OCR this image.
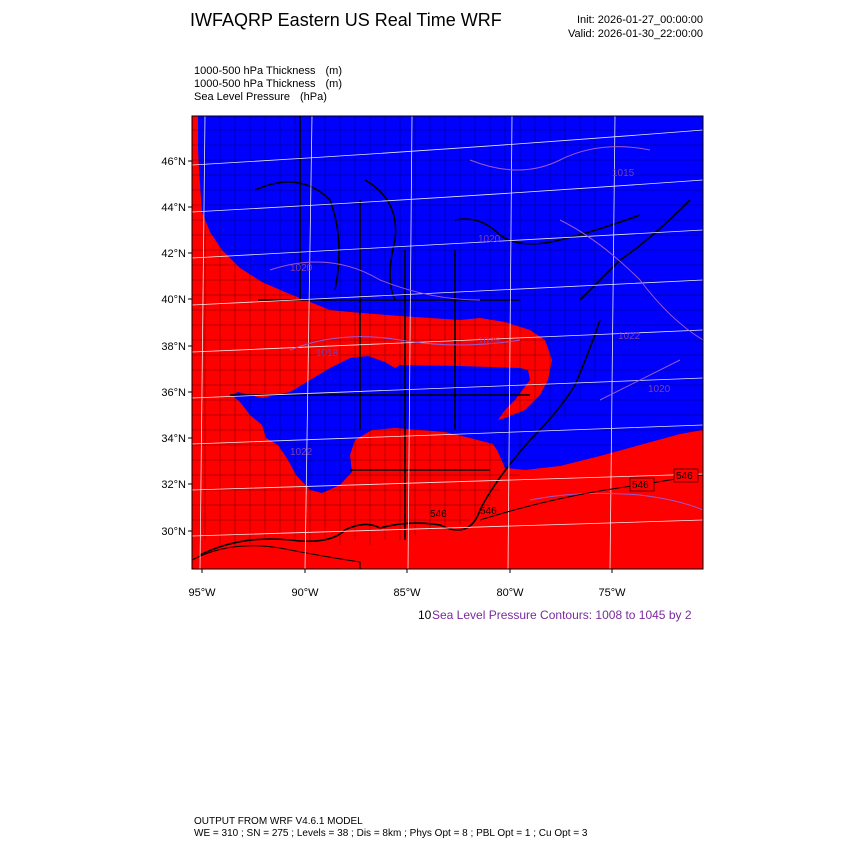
IWFAQRP Eastern US Real Time WRF	Init: 2026-01-27_00:00:00
Valid: 2026-01-30_22:00:00
1000-500 hPa Thickness (m)
1000-500 hPa Thickness (m)
Sea Level Pressure (hPa)
1015
1020
1020
1022
1025
1020
1018
1022
546
546
546	546
46°N
44°N
42°N
40°N
38°N
36°N
34°N
32°N
30°N
95°W	90°W	85°W	80°W	75°W
10 Sea Level Pressure Contours: 1008 to 1045 by 2
OUTPUT FROM WRF V4.6.1 MODEL
WE = 310 ; SN = 275 ; Levels = 38 ; Dis = 8km ; Phys Opt = 8 ; PBL Opt = 1 ; Cu Opt = 3
